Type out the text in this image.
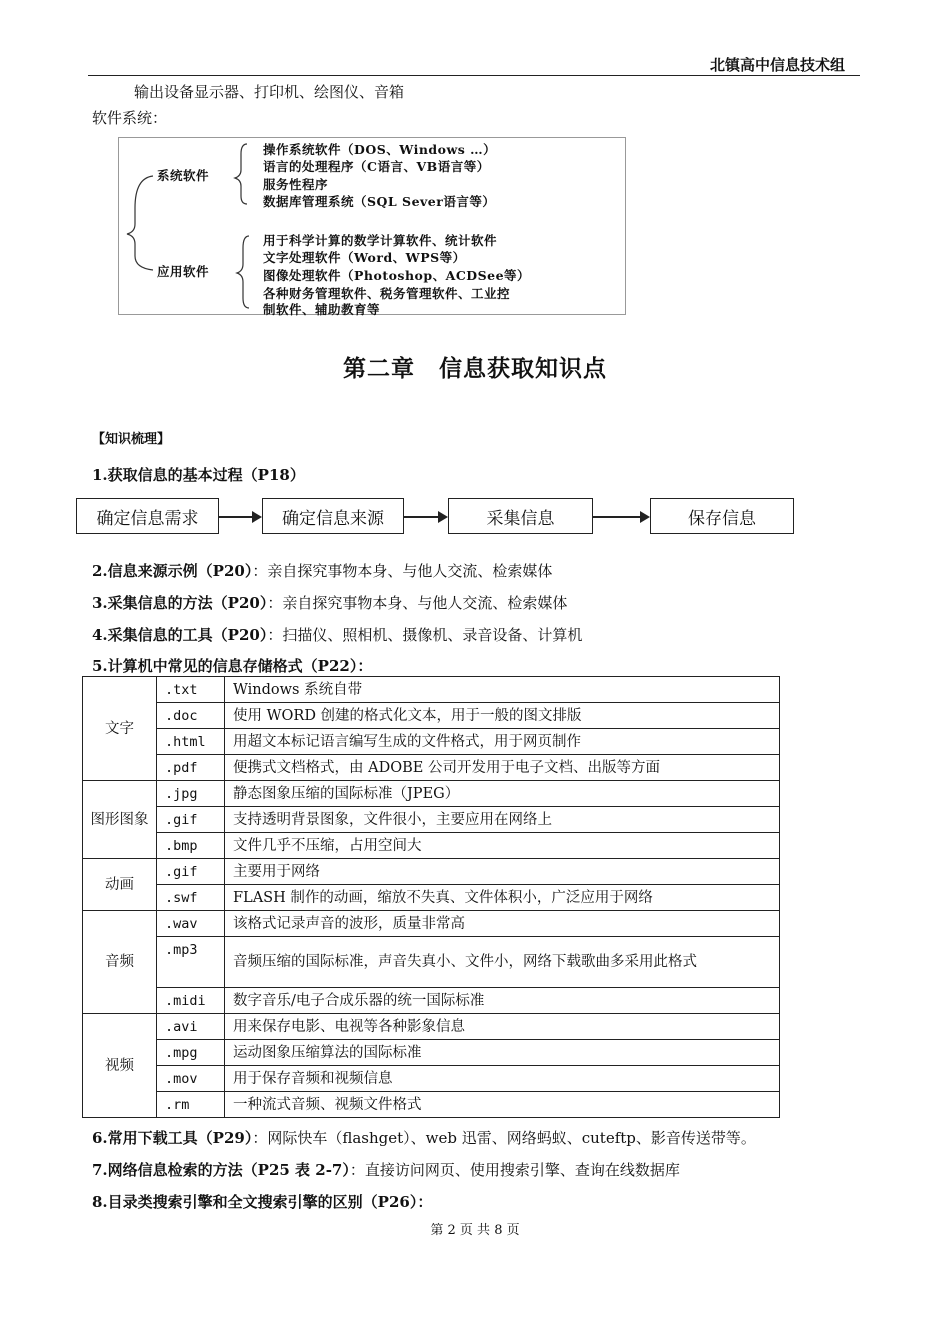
北镇高中信息技术组
输出设备显示器、打印机、绘图仪、音箱
软件系统：
系统软件
操作系统软件（DOS、Windows …）
语言的处理程序（C语言、VB语言等）
服务性程序
数据库管理系统（SQL Sever语言等）
应用软件
用于科学计算的数学计算软件、统计软件
文字处理软件（Word、WPS等）
图像处理软件（Photoshop、ACDSee等）
各种财务管理软件、税务管理软件、工业控
制软件、辅助教育等
第二章　信息获取知识点
【知识梳理】
1.获取信息的基本过程（P18）
确定信息需求	确定信息来源	采集信息	保存信息
2.信息来源示例（P20）：亲自探究事物本身、与他人交流、检索媒体
3.采集信息的方法（P20）：亲自探究事物本身、与他人交流、检索媒体
4.采集信息的工具（P20）：扫描仪、照相机、摄像机、录音设备、计算机
5.计算机中常见的信息存储格式（P22）：
文字	.txt	Windows 系统自带
	.doc	使用 WORD 创建的格式化文本，用于一般的图文排版
	.html	用超文本标记语言编写生成的文件格式，用于网页制作
	.pdf	便携式文档格式，由 ADOBE 公司开发用于电子文档、出版等方面
图形图象	.jpg	静态图象压缩的国际标准（JPEG）
	.gif	支持透明背景图象，文件很小，主要应用在网络上
	.bmp	文件几乎不压缩，占用空间大
动画	.gif	主要用于网络
	.swf	FLASH 制作的动画，缩放不失真、文件体积小，广泛应用于网络
音频	.wav	该格式记录声音的波形，质量非常高
	.mp3	音频压缩的国际标准，声音失真小、文件小，网络下载歌曲多采用此格式
	.midi	数字音乐/电子合成乐器的统一国际标准
视频	.avi	用来保存电影、电视等各种影象信息
	.mpg	运动图象压缩算法的国际标准
	.mov	用于保存音频和视频信息
	.rm	一种流式音频、视频文件格式
6.常用下载工具（P29）：网际快车（flashget）、web 迅雷、网络蚂蚁、cuteftp、影音传送带等。
7.网络信息检索的方法（P25 表 2-7）：直接访问网页、使用搜索引擎、查询在线数据库
8.目录类搜索引擎和全文搜索引擎的区别（P26）：
第 2 页 共 8 页
